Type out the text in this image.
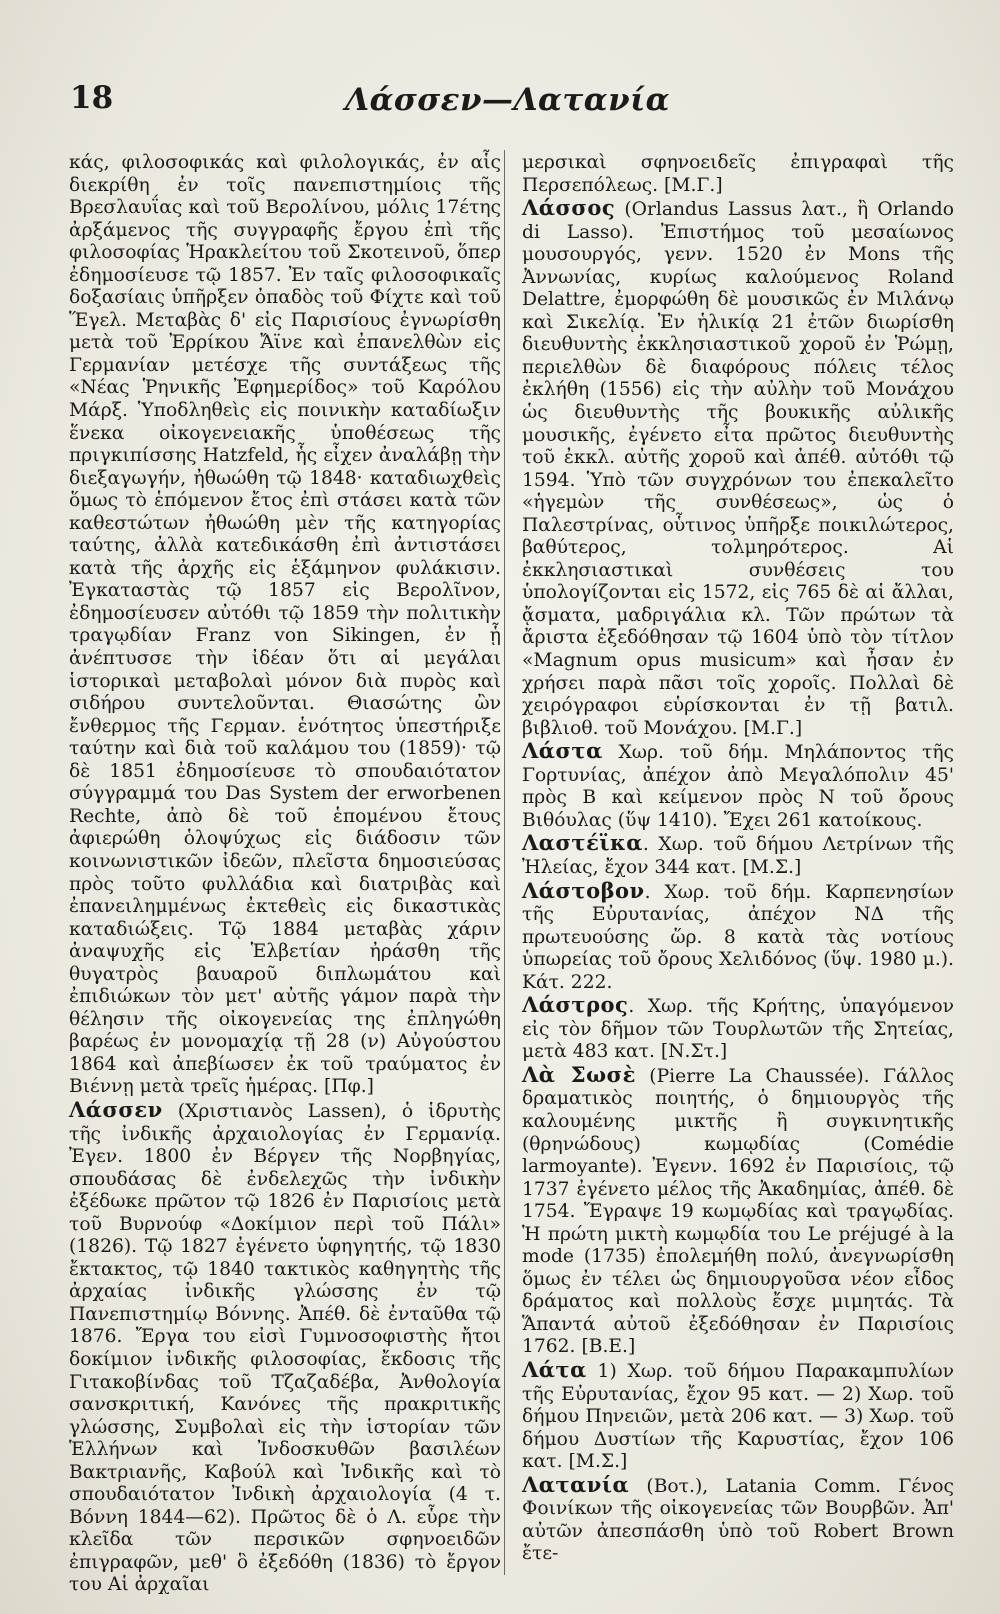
18	Λάσσεν—Λατανία

κάς, φιλοσοφικάς καὶ φιλολογικάς, ἐν αἷς διεκρίθη ἐν τοῖς πανεπιστημίοις τῆς Βρεσλαυΐας καὶ τοῦ Βερολίνου, μόλις 17έτης ἀρξάμενος τῆς συγγραφῆς ἔργου ἐπὶ τῆς φιλοσοφίας Ἡρακλείτου τοῦ Σκοτεινοῦ, ὅπερ ἐδημοσίευσε τῷ 1857. Ἐν ταῖς φιλοσοφικαῖς δοξασίαις ὑπῆρξεν ὀπαδὸς τοῦ Φίχτε καὶ τοῦ Ἕγελ. Μεταβὰς δ' εἰς Παρισίους ἐγνωρίσθη μετὰ τοῦ Ἐρρίκου Ἄϊνε καὶ ἐπανελθὼν εἰς Γερμανίαν μετέσχε τῆς συντάξεως τῆς «Νέας Ῥηνικῆς Ἐφημερίδος» τοῦ Καρόλου Μάρξ. Ὑποδληθεὶς εἰς ποινικὴν καταδίωξιν ἕνεκα οἰκογενειακῆς ὑποθέσεως τῆς πριγκιπίσσης Hatzfeld, ἧς εἶχεν ἀναλάβῃ τὴν διεξαγωγήν, ἠθωώθη τῷ 1848· καταδιωχθεὶς ὅμως τὸ ἑπόμενον ἔτος ἐπὶ στάσει κατὰ τῶν καθεστώτων ἠθωώθη μὲν τῆς κατηγορίας ταύτης, ἀλλὰ κατεδικάσθη ἐπὶ ἀντιστάσει κατὰ τῆς ἀρχῆς εἰς ἑξάμηνον φυλάκισιν. Ἐγκαταστὰς τῷ 1857 εἰς Βερολῖνον, ἐδημοσίευσεν αὐτόθι τῷ 1859 τὴν πολιτικὴν τραγῳδίαν Franz von Sikingen, ἐν ᾗ ἀνέπτυσσε τὴν ἰδέαν ὅτι αἱ μεγάλαι ἱστορικαὶ μεταβολαὶ μόνον διὰ πυρὸς καὶ σιδήρου συντελοῦνται. Θιασώτης ὢν ἔνθερμος τῆς Γερμαν. ἑνότητος ὑπεστήριξε ταύτην καὶ διὰ τοῦ καλάμου του (1859)· τῷ δὲ 1851 ἐδημοσίευσε τὸ σπουδαιότατον σύγγραμμά του Das System der erworbenen Rechte, ἀπὸ δὲ τοῦ ἑπομένου ἔτους ἀφιερώθη ὁλοψύχως εἰς διάδοσιν τῶν κοινωνιστικῶν ἰδεῶν, πλεῖστα δημοσιεύσας πρὸς τοῦτο φυλλάδια καὶ διατριβὰς καὶ ἐπανειλημμένως ἐκτεθεὶς εἰς δικαστικὰς καταδιώξεις. Τῷ 1884 μεταβὰς χάριν ἀναψυχῆς εἰς Ἑλβετίαν ἠράσθη τῆς θυγατρὸς βαυαροῦ διπλωμάτου καὶ ἐπιδιώκων τὸν μετ' αὐτῆς γάμον παρὰ τὴν θέλησιν τῆς οἰκογενείας της ἐπληγώθη βαρέως ἐν μονομαχίᾳ τῇ 28 (ν) Αὐγούστου 1864 καὶ ἀπεβίωσεν ἐκ τοῦ τραύματος ἐν Βιέννῃ μετὰ τρεῖς ἡμέρας. [Πφ.]

Λάσσεν (Χριστιανὸς Lassen), ὁ ἱδρυτὴς τῆς ἰνδικῆς ἀρχαιολογίας ἐν Γερμανίᾳ. Ἐγεν. 1800 ἐν Βέργεν τῆς Νορβηγίας, σπουδάσας δὲ ἐνδελεχῶς τὴν ἰνδικὴν ἐξέδωκε πρῶτον τῷ 1826 ἐν Παρισίοις μετὰ τοῦ Βυρνούφ «Δοκίμιον περὶ τοῦ Πάλι» (1826). Τῷ 1827 ἐγένετο ὑφηγητής, τῷ 1830 ἔκτακτος, τῷ 1840 τακτικὸς καθηγητὴς τῆς ἀρχαίας ἰνδικῆς γλώσσης ἐν τῷ Πανεπιστημίῳ Βόννης. Ἀπέθ. δὲ ἐνταῦθα τῷ 1876. Ἔργα του εἰσὶ Γυμνοσοφιστὴς ἤτοι δοκίμιον ἰνδικῆς φιλοσοφίας, ἔκδοσις τῆς Γιτακοβίνδας τοῦ Τζαζαδέβα, Ἀνθολογία σανσκριτική, Κανόνες τῆς πρακριτικῆς γλώσσης, Συμβολαὶ εἰς τὴν ἱστορίαν τῶν Ἑλλήνων καὶ Ἰνδοσκυθῶν βασιλέων Βακτριανῆς, Καβούλ καὶ Ἰνδικῆς καὶ τὸ σπουδαιότατον Ἰνδικὴ ἀρχαιολογία (4 τ. Βόννη 1844—62). Πρῶτος δὲ ὁ Λ. εὗρε τὴν κλεῖδα τῶν περσικῶν σφηνοειδῶν ἐπιγραφῶν, μεθ' ὃ ἐξεδόθη (1836) τὸ ἔργον του Αἱ ἀρχαῖαι

μερσικαὶ σφηνοειδεῖς ἐπιγραφαὶ τῆς Περσεπόλεως. [Μ.Γ.]

Λάσσος (Orlandus Lassus λατ., ἢ Orlando di Lasso). Ἐπιστήμος τοῦ μεσαίωνος μουσουργός, γενν. 1520 ἐν Mons τῆς Ἀννωνίας, κυρίως καλούμενος Roland Delattre, ἐμορφώθη δὲ μουσικῶς ἐν Μιλάνῳ καὶ Σικελίᾳ. Ἐν ἡλικίᾳ 21 ἐτῶν διωρίσθη διευθυντὴς ἐκκλησιαστικοῦ χοροῦ ἐν Ῥώμῃ, περιελθὼν δὲ διαφόρους πόλεις τέλος ἐκλήθη (1556) εἰς τὴν αὐλὴν τοῦ Μονάχου ὡς διευθυντὴς τῆς βουκικῆς αὐλικῆς μουσικῆς, ἐγένετο εἶτα πρῶτος διευθυντὴς τοῦ ἐκκλ. αὐτῆς χοροῦ καὶ ἀπέθ. αὐτόθι τῷ 1594. Ὑπὸ τῶν συγχρόνων του ἐπεκαλεῖτο «ἡγεμὼν τῆς συνθέσεως», ὡς ὁ Παλεστρίνας, οὗτινος ὑπῆρξε ποικιλώτερος, βαθύτερος, τολμηρότερος. Αἱ ἐκκλησιαστικαὶ συνθέσεις του ὑπολογίζονται εἰς 1572, εἰς 765 δὲ αἱ ἄλλαι, ᾄσματα, μαδριγάλια κλ. Τῶν πρώτων τὰ ἄριστα ἐξεδόθησαν τῷ 1604 ὑπὸ τὸν τίτλον «Magnum opus musicum» καὶ ἦσαν ἐν χρήσει παρὰ πᾶσι τοῖς χοροῖς. Πολλαὶ δὲ χειρόγραφοι εὑρίσκονται ἐν τῇ βατιλ. βιβλιοθ. τοῦ Μονάχου. [Μ.Γ.]

Λάστα Χωρ. τοῦ δήμ. Μηλάποντος τῆς Γορτυνίας, ἀπέχον ἀπὸ Μεγαλόπολιν 45' πρὸς Β καὶ κείμενον πρὸς Ν τοῦ ὄρους Βιθόυλας (ὕψ 1410). Ἔχει 261 κατοίκους.

Λαστέϊκα. Χωρ. τοῦ δήμου Λετρίνων τῆς Ἠλείας, ἔχον 344 κατ. [Μ.Σ.]

Λάστοβον. Χωρ. τοῦ δήμ. Καρπενησίων τῆς Εὐρυτανίας, ἀπέχον ΝΔ τῆς πρωτευούσης ὥρ. 8 κατὰ τὰς νοτίους ὑπωρείας τοῦ ὄρους Χελιδόνος (ὕψ. 1980 μ.). Κάτ. 222.

Λάστρος. Χωρ. τῆς Κρήτης, ὑπαγόμενον εἰς τὸν δῆμον τῶν Τουρλωτῶν τῆς Σητείας, μετὰ 483 κατ. [Ν.Στ.]

Λὰ Σωσὲ (Pierre La Chaussée). Γάλλος δραματικὸς ποιητής, ὁ δημιουργὸς τῆς καλουμένης μικτῆς ἢ συγκινητικῆς (θρηνώδους) κωμῳδίας (Comédie larmoyante). Ἐγενν. 1692 ἐν Παρισίοις, τῷ 1737 ἐγένετο μέλος τῆς Ἀκαδημίας, ἀπέθ. δὲ 1754. Ἔγραψε 19 κωμῳδίας καὶ τραγῳδίας. Ἡ πρώτη μικτὴ κωμῳδία του Le préjugé à la mode (1735) ἐπολεμήθη πολύ, ἀνεγνωρίσθη ὅμως ἐν τέλει ὡς δημιουργοῦσα νέον εἶδος δράματος καὶ πολλοὺς ἔσχε μιμητάς. Τὰ Ἅπαντά αὐτοῦ ἐξεδόθησαν ἐν Παρισίοις 1762. [Β.Ε.]

Λάτα 1) Χωρ. τοῦ δήμου Παρακαμπυλίων τῆς Εὐρυτανίας, ἔχον 95 κατ. — 2) Χωρ. τοῦ δήμου Πηνειῶν, μετὰ 206 κατ. — 3) Χωρ. τοῦ δήμου Δυστίων τῆς Καρυστίας, ἔχον 106 κατ. [Μ.Σ.]

Λατανία (Βοτ.), Latania Comm. Γένος Φοινίκων τῆς οἰκογενείας τῶν Βουρβῶν. Ἀπ' αὐτῶν ἀπεσπάσθη ὑπὸ τοῦ Robert Brown ἔτε-
